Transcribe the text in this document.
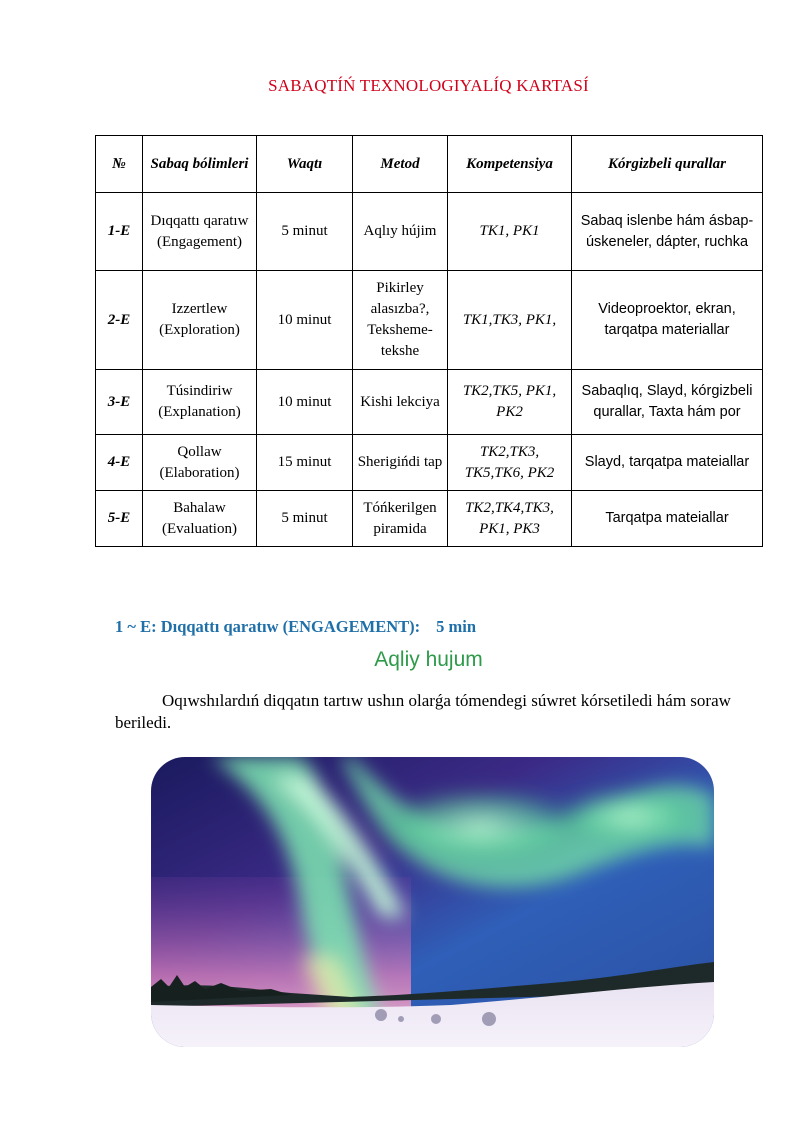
SABAQTÍŃ TEXNOLOGIYALÍQ KARTASÍ
№	Sabaq bólimleri	Waqtı	Metod	Kompetensiya	Kórgizbeli qurallar
1-E	Dıqqattı qaratıw (Engagement)	5 minut	Aqlıy hújim	TK1, PK1	Sabaq islenbe hám ásbap-úskeneler, dápter, ruchka
2-E	Izzertlew (Exploration)	10 minut	Pikirley alasızba?, Teksheme-tekshe	TK1,TK3, PK1,	Videoproektor, ekran, tarqatpa materiallar
3-E	Túsindiriw (Explanation)	10 minut	Kishi lekciya	TK2,TK5, PK1, PK2	Sabaqlıq, Slayd, kórgizbeli qurallar, Taxta hám por
4-E	Qollaw (Elaboration)	15 minut	Sherigińdi tap	TK2,TK3, TK5,TK6, PK2	Slayd, tarqatpa mateiallar
5-E	Bahalaw (Evaluation)	5 minut	Tóńkerilgen piramida	TK2,TK4,TK3, PK1, PK3	Tarqatpa mateiallar
1 ~ E: Dıqqattı qaratıw (ENGAGEMENT): 5 min
Aqliy hujum
Oqıwshılardıń diqqatın tartıw ushın olarǵa tómendegi súwret kórsetiledi hám soraw beriledi.
